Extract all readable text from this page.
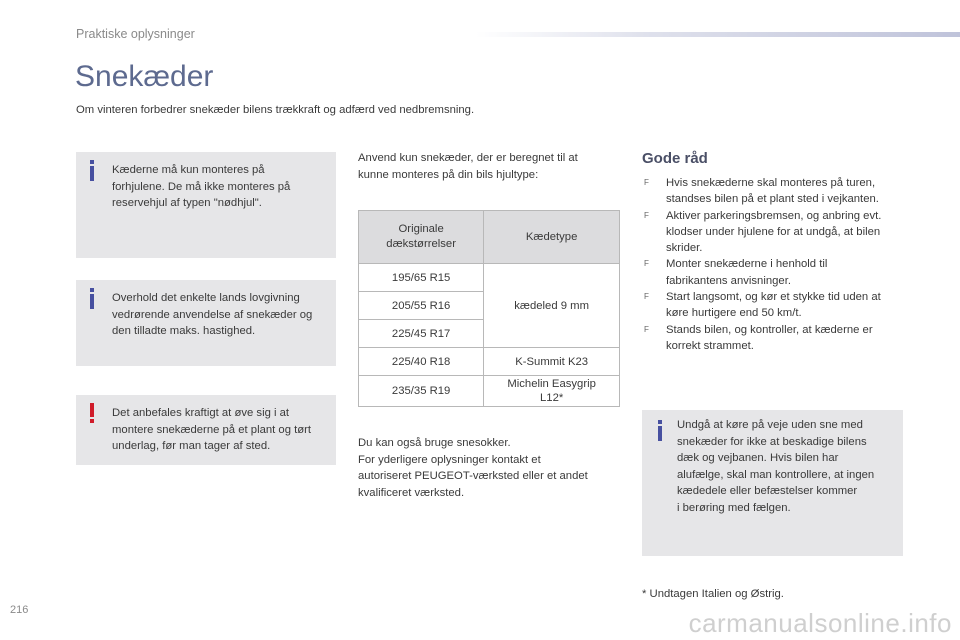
Praktiske oplysninger
Snekæder
Om vinteren forbedrer snekæder bilens trækkraft og adfærd ved nedbremsning.
Kæderne må kun monteres på
forhjulene. De må ikke monteres på
reservehjul af typen "nødhjul".
Overhold det enkelte lands lovgivning
vedrørende anvendelse af snekæder og
den tilladte maks. hastighed.
Det anbefales kraftigt at øve sig i at
montere snekæderne på et plant og tørt
underlag, før man tager af sted.
Anvend kun snekæder, der er beregnet til at
kunne monteres på din bils hjultype:
Originale
dækstørrelser	Kædetype

195/65 R15	kædeled 9 mm
205/55 R16	
225/45 R17	
225/40 R18	K-Summit K23

235/35 R19	Michelin Easygrip
L12*
Du kan også bruge snesokker.
For yderligere oplysninger kontakt et
autoriseret PEUGEOT-værksted eller et andet
kvalificeret værksted.
Gode råd
F Hvis snekæderne skal monteres på turen,
standses bilen på et plant sted i vejkanten.
F Aktiver parkeringsbremsen, og anbring evt.
klodser under hjulene for at undgå, at bilen
skrider.
F Monter snekæderne i henhold til
fabrikantens anvisninger.
F Start langsomt, og kør et stykke tid uden at
køre hurtigere end 50 km/t.
F Stands bilen, og kontroller, at kæderne er
korrekt strammet.
Undgå at køre på veje uden sne med
snekæder for ikke at beskadige bilens
dæk og vejbanen. Hvis bilen har
alufælge, skal man kontrollere, at ingen
kædedele eller befæstelser kommer
i berøring med fælgen.
* Undtagen Italien og Østrig.
216	carmanualsonline.info
